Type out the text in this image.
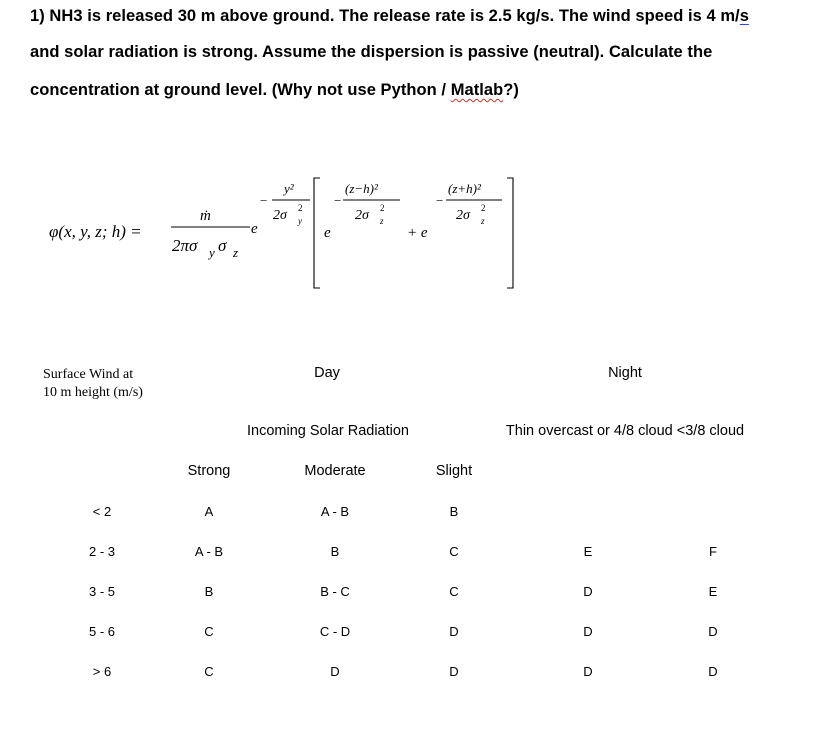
1) NH3 is released 30 m above ground. The release rate is 2.5 kg/s. The wind speed is 4 m/s
and solar radiation is strong. Assume the dispersion is passive (neutral). Calculate the
concentration at ground level. (Why not use Python / Matlab?)
φ(x, y, z; h) =
ṁ
2πσ y σ z
e
−
y²
2σ 2
y
e
−
(z−h)²
2σ 2
z
+ e
−
(z+h)²
2σ 2
z
Surface Wind at
10 m height (m/s)
Day	Night
Incoming Solar Radiation	Thin overcast or 4/8 cloud <3/8 cloud
Strong	Moderate	Slight
< 2	A	A - B	B
2 - 3	A - B	B	C	E	F
3 - 5	B	B - C	C	D	E
5 - 6	C	C - D	D	D	D
> 6	C	D	D	D	D
